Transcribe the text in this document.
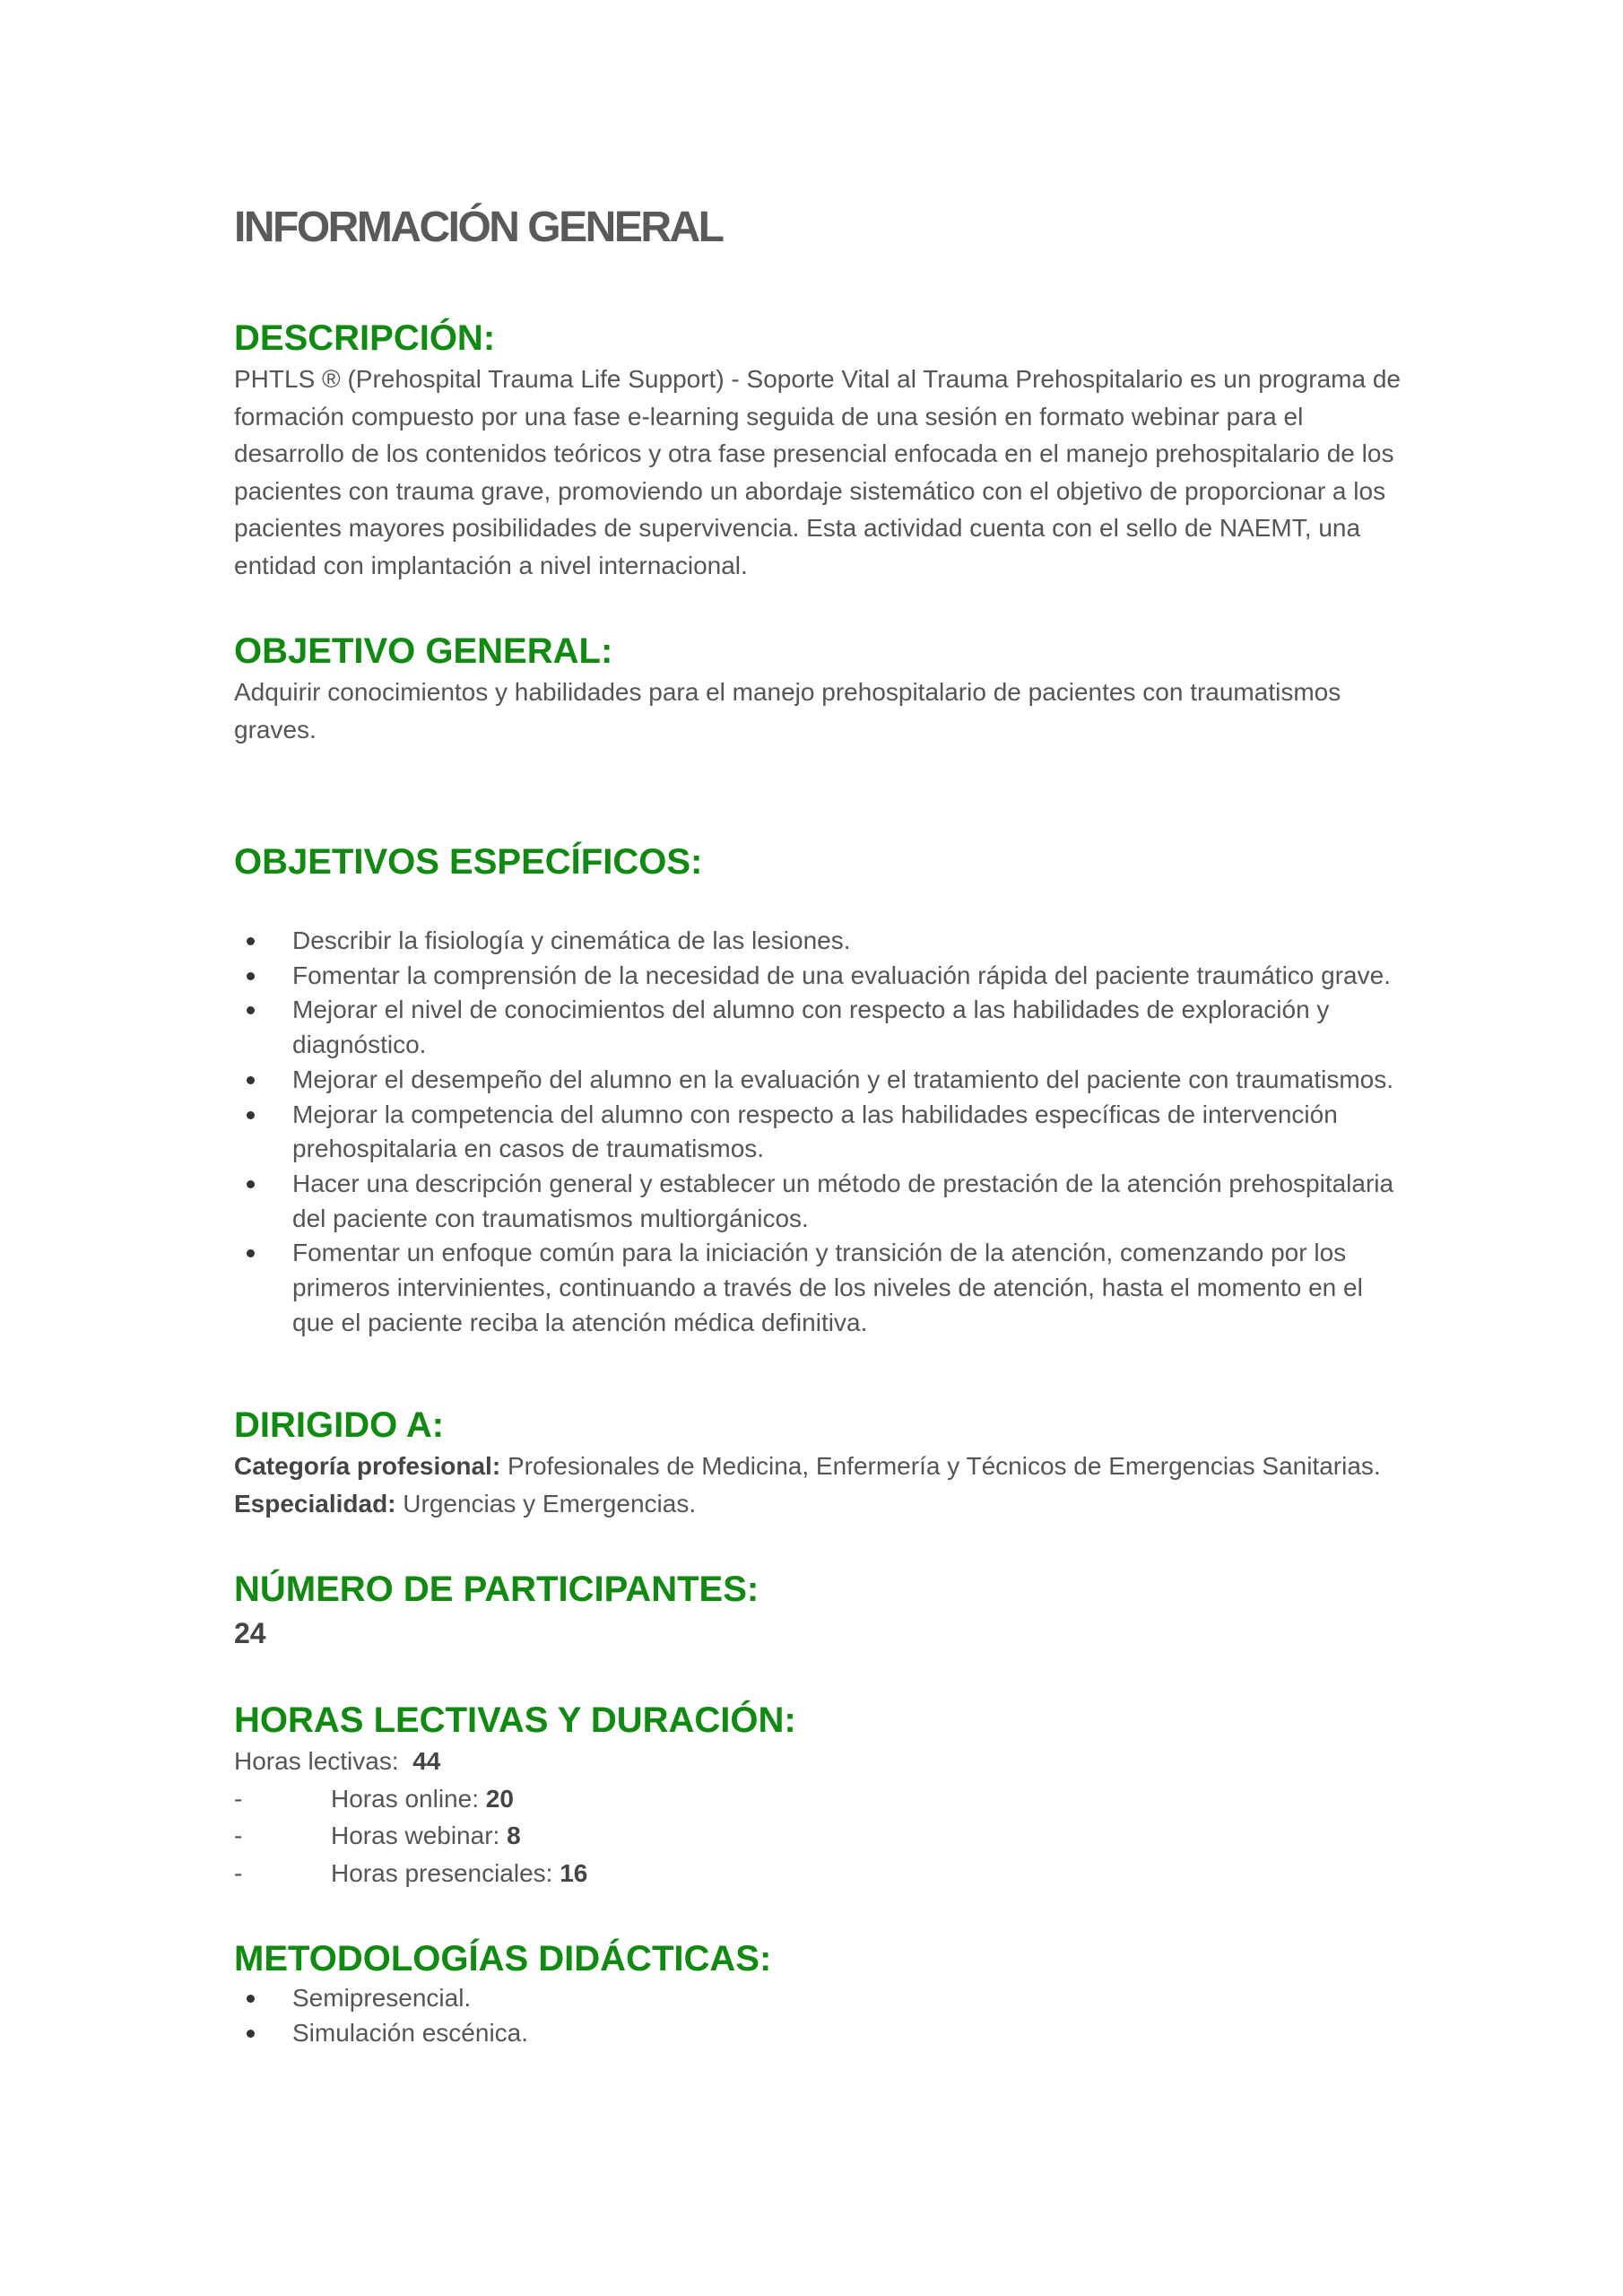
INFORMACIÓN GENERAL
DESCRIPCIÓN:

PHTLS ® (Prehospital Trauma Life Support) - Soporte Vital al Trauma Prehospitalario es un programa de formación compuesto por una fase e-learning seguida de una sesión en formato webinar para el desarrollo de los contenidos teóricos y otra fase presencial enfocada en el manejo prehospitalario de los pacientes con trauma grave, promoviendo un abordaje sistemático con el objetivo de proporcionar a los pacientes mayores posibilidades de supervivencia. Esta actividad cuenta con el sello de NAEMT, una entidad con implantación a nivel internacional.

OBJETIVO GENERAL:

Adquirir conocimientos y habilidades para el manejo prehospitalario de pacientes con traumatismos graves.

OBJETIVOS ESPECÍFICOS:
Describir la fisiología y cinemática de las lesiones.
Fomentar la comprensión de la necesidad de una evaluación rápida del paciente traumático grave.
Mejorar el nivel de conocimientos del alumno con respecto a las habilidades de exploración y diagnóstico.
Mejorar el desempeño del alumno en la evaluación y el tratamiento del paciente con traumatismos.
Mejorar la competencia del alumno con respecto a las habilidades específicas de intervención prehospitalaria en casos de traumatismos.
Hacer una descripción general y establecer un método de prestación de la atención prehospitalaria del paciente con traumatismos multiorgánicos.
Fomentar un enfoque común para la iniciación y transición de la atención, comenzando por los primeros intervinientes, continuando a través de los niveles de atención, hasta el momento en el que el paciente reciba la atención médica definitiva.
DIRIGIDO A:

Categoría profesional: Profesionales de Medicina, Enfermería y Técnicos de Emergencias Sanitarias.

Especialidad: Urgencias y Emergencias.

NÚMERO DE PARTICIPANTES:
24
HORAS LECTIVAS Y DURACIÓN:

Horas lectivas: 44

-	Horas online: 20
-	Horas webinar: 8
-	Horas presenciales: 16
METODOLOGÍAS DIDÁCTICAS:
Semipresencial.
Simulación escénica.
